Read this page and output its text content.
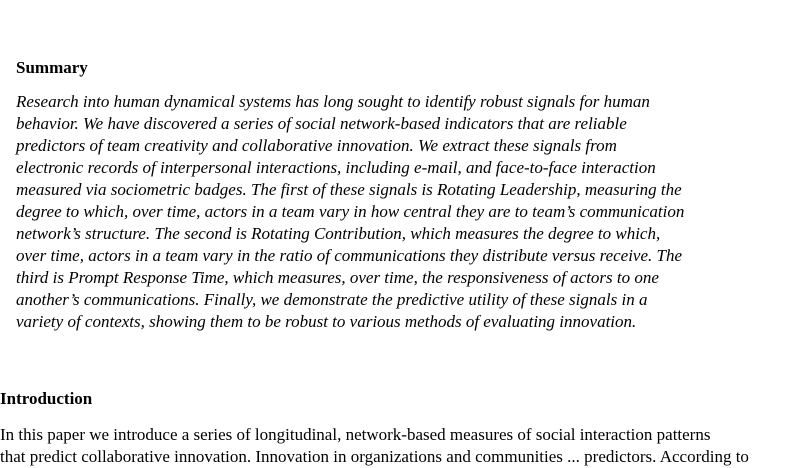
Summary

Research into human dynamical systems has long sought to identify robust signals for human
behavior. We have discovered a series of social network-based indicators that are reliable
predictors of team creativity and collaborative innovation. We extract these signals from
electronic records of interpersonal interactions, including e-mail, and face-to-face interaction
measured via sociometric badges. The first of these signals is Rotating Leadership, measuring the
degree to which, over time, actors in a team vary in how central they are to team’s communication
network’s structure. The second is Rotating Contribution, which measures the degree to which,
over time, actors in a team vary in the ratio of communications they distribute versus receive. The
third is Prompt Response Time, which measures, over time, the responsiveness of actors to one
another’s communications. Finally, we demonstrate the predictive utility of these signals in a
variety of contexts, showing them to be robust to various methods of evaluating innovation.

Introduction

In this paper we introduce a series of longitudinal, network-based measures of social interaction patterns
that predict collaborative innovation. Innovation in organizations and communities ... predictors. According to
